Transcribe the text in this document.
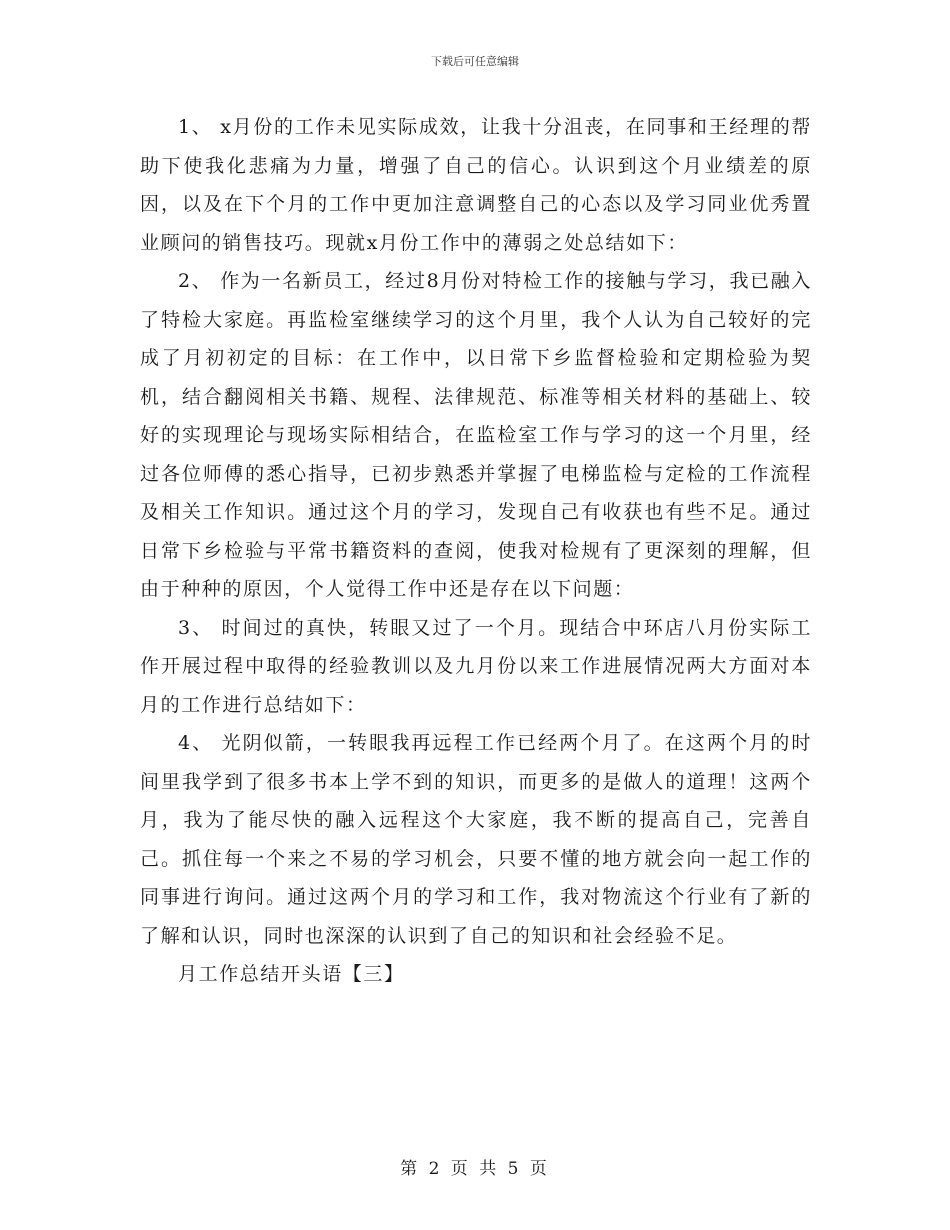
下载后可任意编辑

1、 x月份的工作未见实际成效，让我十分沮丧，在同事和王经理的帮助下使我化悲痛为力量，增强了自己的信心。认识到这个月业绩差的原因，以及在下个月的工作中更加注意调整自己的心态以及学习同业优秀置业顾问的销售技巧。现就x月份工作中的薄弱之处总结如下：

2、 作为一名新员工，经过8月份对特检工作的接触与学习，我已融入了特检大家庭。再监检室继续学习的这个月里，我个人认为自己较好的完成了月初初定的目标：在工作中，以日常下乡监督检验和定期检验为契机，结合翻阅相关书籍、规程、法律规范、标准等相关材料的基础上、较好的实现理论与现场实际相结合，在监检室工作与学习的这一个月里，经过各位师傅的悉心指导，已初步熟悉并掌握了电梯监检与定检的工作流程及相关工作知识。通过这个月的学习，发现自己有收获也有些不足。通过日常下乡检验与平常书籍资料的查阅，使我对检规有了更深刻的理解，但由于种种的原因，个人觉得工作中还是存在以下问题：

3、 时间过的真快，转眼又过了一个月。现结合中环店八月份实际工作开展过程中取得的经验教训以及九月份以来工作进展情况两大方面对本月的工作进行总结如下：

4、 光阴似箭，一转眼我再远程工作已经两个月了。在这两个月的时间里我学到了很多书本上学不到的知识，而更多的是做人的道理！这两个月，我为了能尽快的融入远程这个大家庭，我不断的提高自己，完善自己。抓住每一个来之不易的学习机会，只要不懂的地方就会向一起工作的同事进行询问。通过这两个月的学习和工作，我对物流这个行业有了新的了解和认识，同时也深深的认识到了自己的知识和社会经验不足。

月工作总结开头语【三】

第 2 页 共 5 页
